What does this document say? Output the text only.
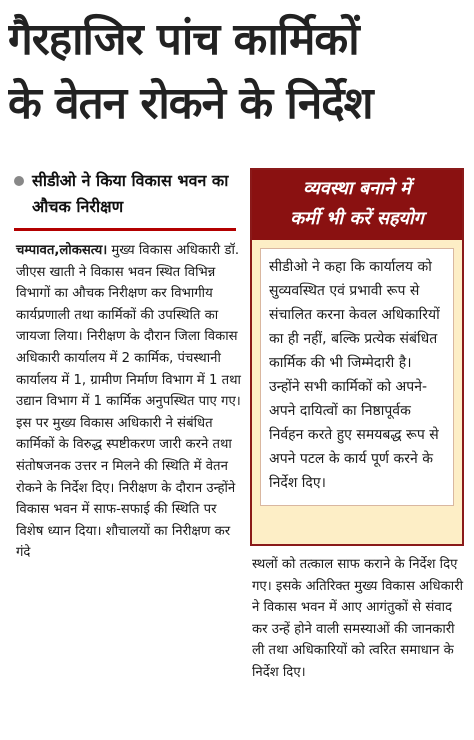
गैरहाजिर पांच कार्मिकों
के वेतन रोकने के निर्देश
सीडीओ ने किया विकास भवन का औचक निरीक्षण

चम्पावत,लोकसत्य। मुख्य विकास अधिकारी डॉ. जीएस खाती ने विकास भवन स्थित विभिन्न विभागों का औचक निरीक्षण कर विभागीय कार्यप्रणाली तथा कार्मिकों की उपस्थिति का जायजा लिया। निरीक्षण के दौरान जिला विकास अधिकारी कार्यालय में 2 कार्मिक, पंचस्थानी कार्यालय में 1, ग्रामीण निर्माण विभाग में 1 तथा उद्यान विभाग में 1 कार्मिक अनुपस्थित पाए गए।इस पर मुख्य विकास अधिकारी ने संबंधित कार्मिकों के विरुद्ध स्पष्टीकरण जारी करने तथा संतोषजनक उत्तर न मिलने की स्थिति में वेतन रोकने के निर्देश दिए। निरीक्षण के दौरान उन्होंने विकास भवन में साफ-सफाई की स्थिति पर विशेष ध्यान दिया। शौचालयों का निरीक्षण कर गंदे

व्यवस्था बनाने में
कर्मी भी करें सहयोग
सीडीओ ने कहा कि कार्यालय को सुव्यवस्थित एवं प्रभावी रूप से संचालित करना केवल अधिकारियों का ही नहीं, बल्कि प्रत्येक संबंधित कार्मिक की भी जिम्मेदारी है। उन्होंने सभी कार्मिकों को अपने-अपने दायित्वों का निष्ठापूर्वक निर्वहन करते हुए समयबद्ध रूप से अपने पटल के कार्य पूर्ण करने के निर्देश दिए।

स्थलों को तत्काल साफ कराने के निर्देश दिए गए। इसके अतिरिक्त मुख्य विकास अधिकारी ने विकास भवन में आए आगंतुकों से संवाद कर उन्हें होने वाली समस्याओं की जानकारी ली तथा अधिकारियों को त्वरित समाधान के निर्देश दिए।
